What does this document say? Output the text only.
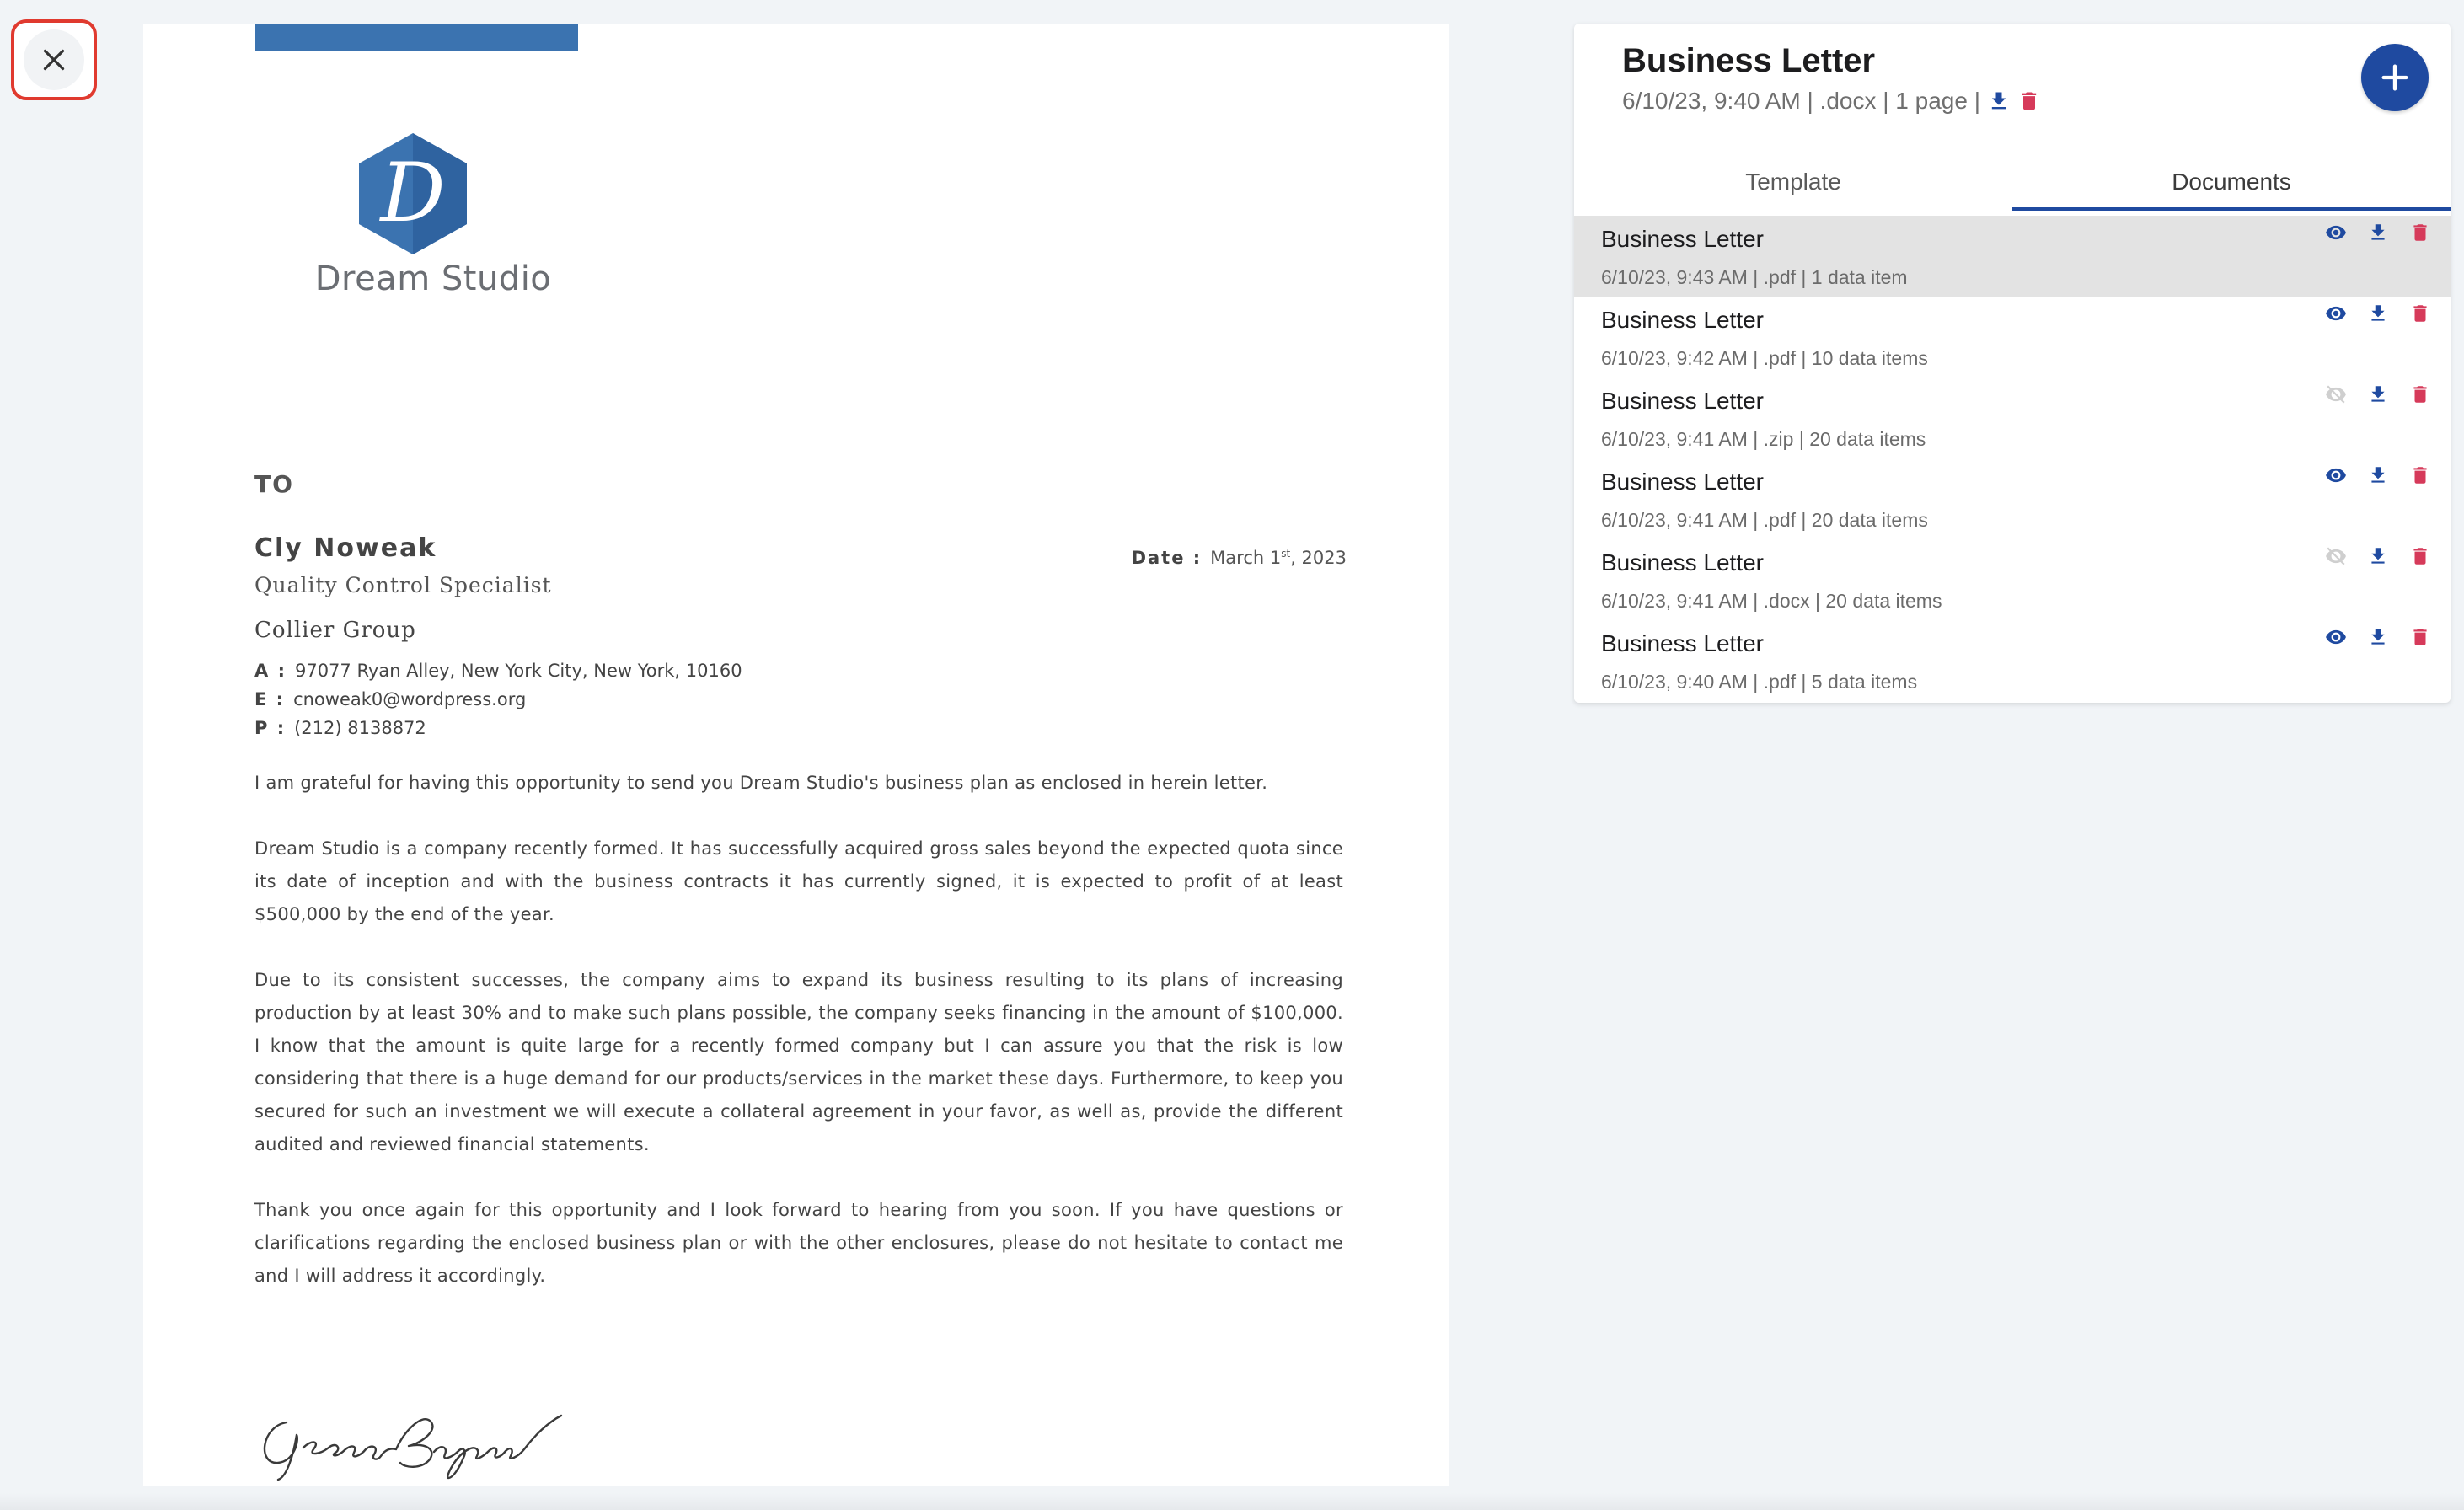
D
Dream Studio
TO
Cly Noweak
Quality Control Specialist
Collier Group
A : 97077 Ryan Alley, New York City, New York, 10160
E : cnoweak0@wordpress.org
P : (212) 8138872
Date : March 1st, 2023

I am grateful for having this opportunity to send you Dream Studio's business plan as enclosed in herein letter.

Dream Studio is a company recently formed. It has successfully acquired gross sales beyond the expected quota since its date of inception and with the business contracts it has currently signed, it is expected to profit of at least $500,000 by the end of the year.

Due to its consistent successes, the company aims to expand its business resulting to its plans of increasing production by at least 30% and to make such plans possible, the company seeks financing in the amount of $100,000. I know that the amount is quite large for a recently formed company but I can assure you that the risk is low considering that there is a huge demand for our products/services in the market these days. Furthermore, to keep you secured for such an investment we will execute a collateral agreement in your favor, as well as, provide the different audited and reviewed financial statements.

Thank you once again for this opportunity and I look forward to hearing from you soon. If you have questions or clarifications regarding the enclosed business plan or with the other enclosures, please do not hesitate to contact me and I will address it accordingly.

Business Letter
6/10/23, 9:40 AM | .docx | 1 page |
Template	Documents
Business Letter
6/10/23, 9:43 AM | .pdf | 1 data item
Business Letter
6/10/23, 9:42 AM | .pdf | 10 data items
Business Letter
6/10/23, 9:41 AM | .zip | 20 data items
Business Letter
6/10/23, 9:41 AM | .pdf | 20 data items
Business Letter
6/10/23, 9:41 AM | .docx | 20 data items
Business Letter
6/10/23, 9:40 AM | .pdf | 5 data items
